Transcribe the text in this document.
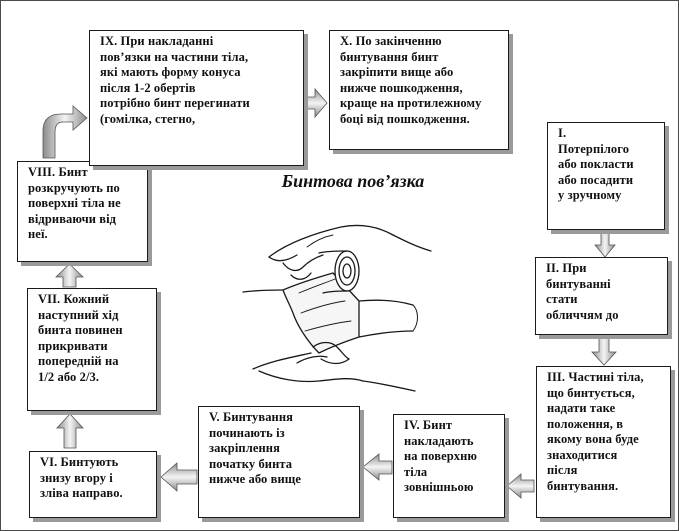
Бинтова пов’язка
I.
Потерпілого
або покласти
або посадити
у зручному
II. При
бинтуванні
стати
обличчям до
III. Частині тіла,
що бинтується,
надати таке
положення, в
якому вона буде
знаходитися
після
бинтування.
IV. Бинт
накладають
на поверхню
тіла
зовнішньою
V. Бинтування
починають із
закріплення
початку бинта
нижче або вище
VI. Бинтують
знизу вгору і
зліва направо.
VII. Кожний
наступний хід
бинта повинен
прикривати
попередній на
1/2 або 2/3.
VIII. Бинт
розкручують по
поверхні тіла не
відриваючи від
неї.
IX. При накладанні
пов’язки на частини тіла,
які мають форму конуса
після 1-2 обертів
потрібно бинт перегинати
(гомілка, стегно,
X. По закінченню
бинтування бинт
закріпити вище або
нижче пошкодження,
краще на протилежному
боці від пошкодження.
